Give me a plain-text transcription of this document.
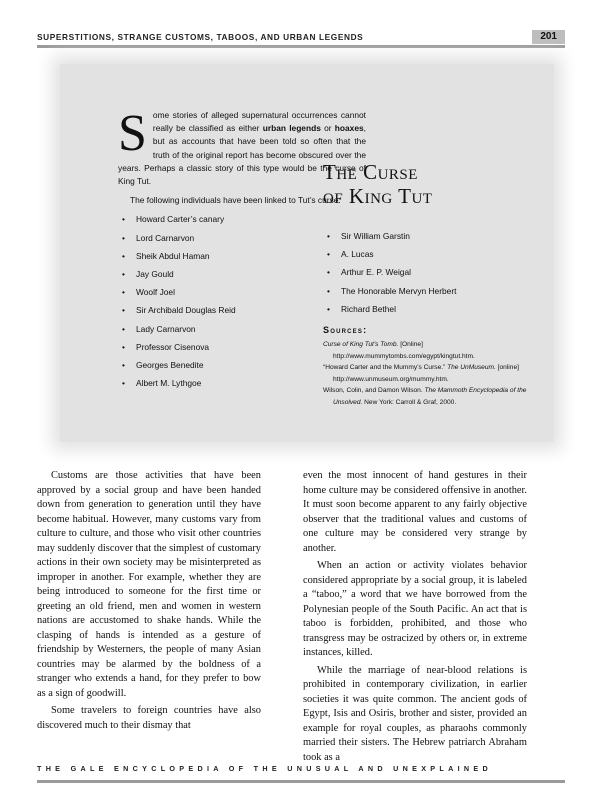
SUPERSTITIONS, STRANGE CUSTOMS, TABOOS, AND URBAN LEGENDS	201

Some stories of alleged supernatural occurrences cannot really be classified as either urban legends or hoaxes, but as accounts that have been told so often that the truth of the original report has become obscured over the years. Perhaps a classic story of this type would be the curse of King Tut.

The following individuals have been linked to Tut’s curse:

• Howard Carter’s canary
• Lord Carnarvon
• Sheik Abdul Haman
• Jay Gould
• Woolf Joel
• Sir Archibald Douglas Reid
• Lady Carnarvon
• Professor Cisenova
• Georges Benedite
• Albert M. Lythgoe
The Curse
of King Tut
• Sir William Garstin
• A. Lucas
• Arthur E. P. Weigal
• The Honorable Mervyn Herbert
• Richard Bethel
Sources:

Curse of King Tut’s Tomb. [Online] http://www.mummytombs.com/egypt/kingtut.htm.

“Howard Carter and the Mummy’s Curse.” The UnMuseum. [online] http://www.unmuseum.org/mummy.htm.

Wilson, Colin, and Damon Wilson. The Mammoth Encyclopedia of the Unsolved. New York: Carroll & Graf, 2000.

Customs are those activities that have been approved by a social group and have been handed down from generation to generation until they have become habitual. However, many customs vary from culture to culture, and those who visit other countries may suddenly discover that the simplest of customary actions in their own society may be misinterpreted as improper in another. For example, whether they are being introduced to someone for the first time or greeting an old friend, men and women in western nations are accustomed to shake hands. While the clasping of hands is intended as a gesture of friendship by Westerners, the people of many Asian countries may be alarmed by the boldness of a stranger who extends a hand, for they prefer to bow as a sign of goodwill.

Some travelers to foreign countries have also discovered much to their dismay that

even the most innocent of hand gestures in their home culture may be considered offensive in another. It must soon become apparent to any fairly objective observer that the traditional values and customs of one culture may be considered very strange by another.

When an action or activity violates behavior considered appropriate by a social group, it is labeled a “taboo,” a word that we have borrowed from the Polynesian people of the South Pacific. An act that is taboo is forbidden, prohibited, and those who transgress may be ostracized by others or, in extreme instances, killed.

While the marriage of near-blood relations is prohibited in contemporary civilization, in earlier societies it was quite common. The ancient gods of Egypt, Isis and Osiris, brother and sister, provided an example for royal couples, as pharaohs commonly married their sisters. The Hebrew patriarch Abraham took as a

THE GALE ENCYCLOPEDIA OF THE UNUSUAL AND UNEXPLAINED
